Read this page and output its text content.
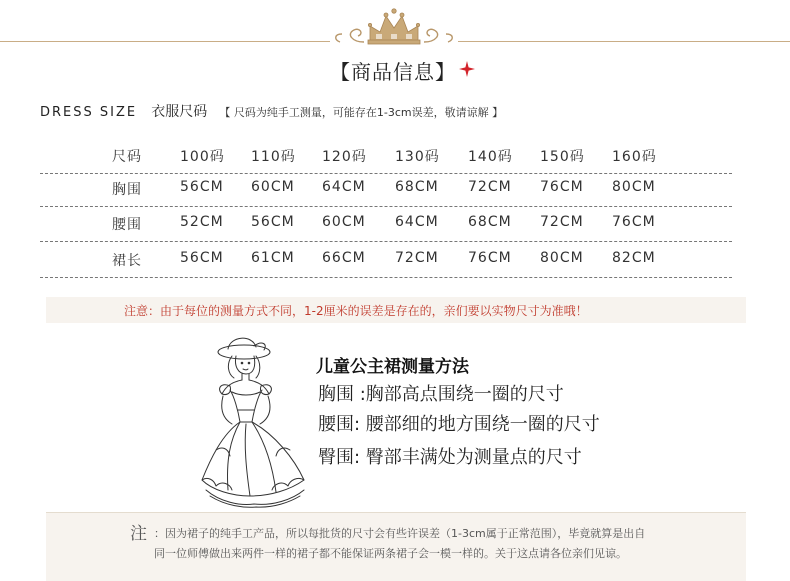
【商品信息】
DRESS SIZE 衣服尺码 【 尺码为纯手工测量，可能存在1-3cm误差，敬请谅解 】
尺码	100码 110码 120码 130码 140码 150码 160码
胸围	56CM 60CM 64CM 68CM 72CM 76CM 80CM
腰围	52CM 56CM 60CM 64CM 68CM 72CM 76CM
裙长	56CM 61CM 66CM 72CM 76CM 80CM 82CM
注意：由于每位的测量方式不同，1-2厘米的误差是存在的，亲们要以实物尺寸为准哦！
儿童公主裙测量方法
胸围 :胸部高点围绕一圈的尺寸
腰围: 腰部细的地方围绕一圈的尺寸
臀围: 臀部丰满处为测量点的尺寸
注 ：因为裙子的纯手工产品，所以每批货的尺寸会有些许误差（1-3cm属于正常范围），毕竟就算是出自
同一位师傅做出来两件一样的裙子都不能保证两条裙子会一模一样的。关于这点请各位亲们见谅。
